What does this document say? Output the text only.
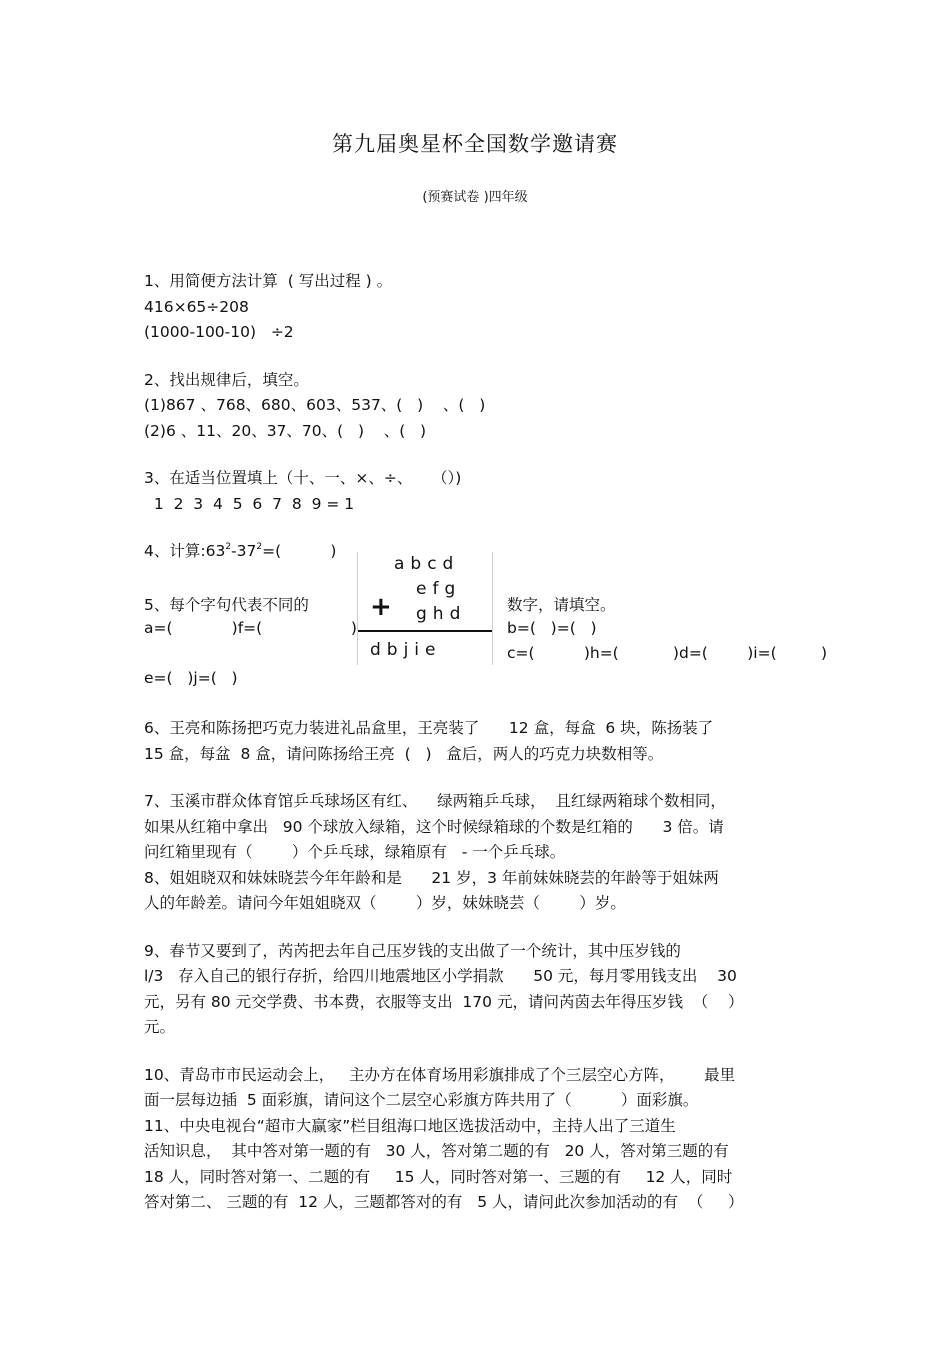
第九届奥星杯全国数学邀请赛
(预赛试卷 )四年级
1、用简便方法计算  ( 写出过程 ) 。
416×65÷208
(1000-100-10)   ÷2
2、找出规律后，填空。
(1)867 、768、680、603、537、(   )    、(   )
(2)6 、11、20、37、70、(   )    、(   )
3、在适当位置填上（十、一、×、÷、    （）)
1  2  3  4  5  6  7  8  9 = 1
4、计算$:63^2-37^2=$(          )
5、每个字句代表不同的	数字，请填空。
a=(            )f=(                  )	b=(   )=(   )
c=(          )h=(           )d=(        )i=(         )
e=(   )j=(   )
abcd
efg
ghd
+
dbjie
6、王亮和陈扬把巧克力装进礼品盒里，王亮装了      12 盒，每盒  6 块，陈扬装了
15 盒，每盆  8 盒，请问陈扬给王亮  (   )   盒后，两人的巧克力块数相等。
7、玉溪市群众体育馆乒乓球场区有红、    绿两箱乒乓球，  且红绿两箱球个数相同，
如果从红箱中拿出   90 个球放入绿箱，这个时候绿箱球的个数是红箱的      3 倍。请
问红箱里现有（        ）个乒乓球，绿箱原有   - 一个乒乓球。
8、姐姐晓双和妹妹晓芸今年年龄和是      21 岁，3 年前妹妹晓芸的年龄等于姐妹两
人的年龄差。请问今年姐姐晓双（        ）岁，妹妹晓芸（        ）岁。
9、春节又要到了，芮芮把去年自己压岁钱的支出做了一个统计，其中压岁钱的
l/3   存入自己的银行存折，给四川地震地区小学捐款      50 元，每月零用钱支出    30
元，另有 80 元交学费、书本费，衣服等支出  170 元，请问芮茵去年得压岁钱  （    ）
元。
10、青岛市市民运动会上，   主办方在体育场用彩旗排成了个三层空心方阵，      最里
面一层每边插  5 面彩旗，请问这个二层空心彩旗方阵共用了（          ）面彩旗。
11、中央电视台“超市大赢家”栏目组海口地区选拔活动中，主持人出了三道生
活知识息，  其中答对第一题的有   30 人，答对第二题的有   20 人，答对第三题的有
18 人，同时答对第一、二题的有     15 人，同时答对第一、三题的有     12 人，同时
答对第二、 三题的有  12 人，三题都答对的有   5 人，请问此次参加活动的有  （     ）
